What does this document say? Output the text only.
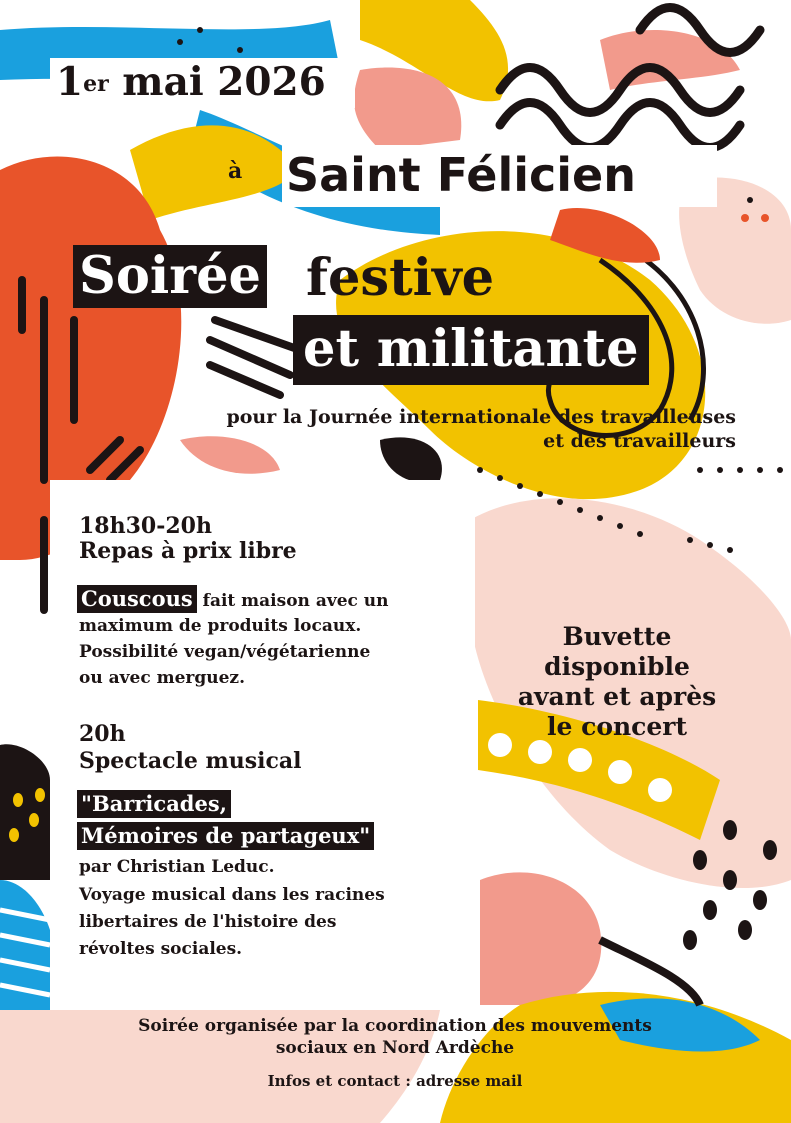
1er mai 2026
à Saint Félicien
Soirée festive
et militante
pour la Journée internationale des travailleuses
et des travailleurs
18h30-20h
Repas à prix libre
Couscous fait maison avec un
maximum de produits locaux.
Possibilité vegan/végétarienne
ou avec merguez.
20h
Spectacle musical
"Barricades,
Mémoires de partageux"
par Christian Leduc.
Voyage musical dans les racines
libertaires de l'histoire des
révoltes sociales.
Buvette
disponible
avant et après
le concert
Soirée organisée par la coordination des mouvements
sociaux en Nord Ardèche
Infos et contact : adresse mail
